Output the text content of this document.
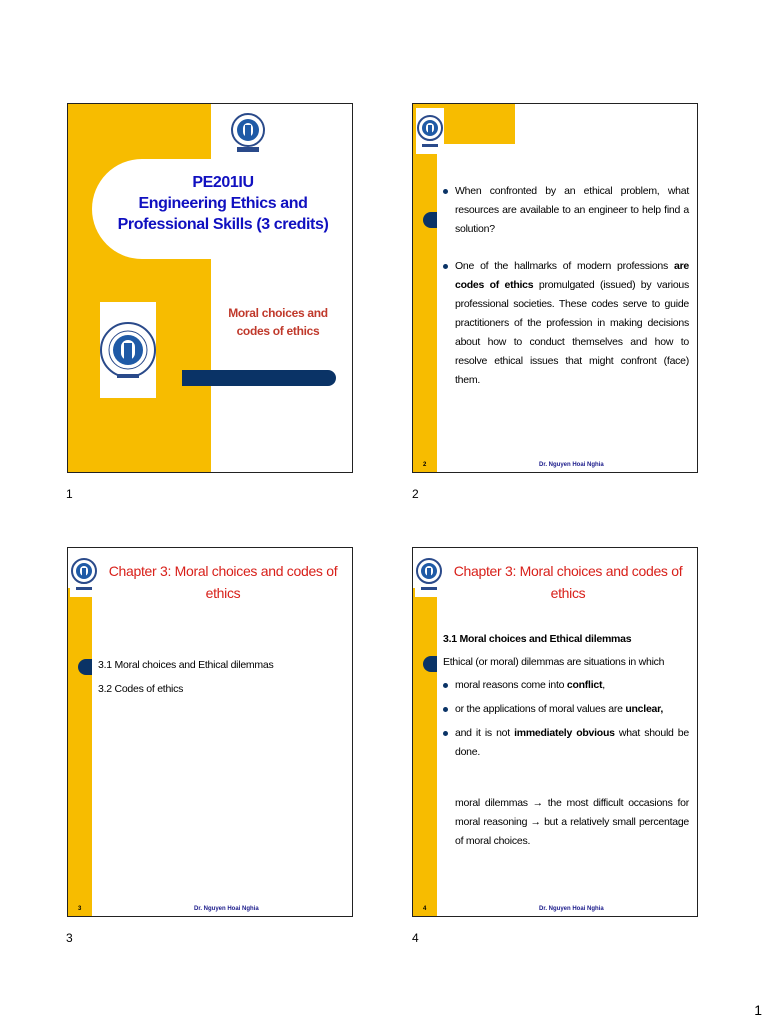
PE201IU
Engineering Ethics and Professional Skills (3 credits)
Moral choices and codes of ethics
1
When confronted by an ethical problem, what resources are available to an engineer to help find a solution?
One of the hallmarks of modern professions are codes of ethics promulgated (issued) by various professional societies. These codes serve to guide practitioners of the profession in making decisions about how to conduct themselves and how to resolve ethical issues that might confront (face) them.
2	Dr. Nguyen Hoai Nghia
2
Chapter 3: Moral choices and codes of ethics
3.1 Moral choices and Ethical dilemmas
3.2 Codes of ethics
3	Dr. Nguyen Hoai Nghia
3
Chapter 3: Moral choices and codes of ethics
3.1 Moral choices and Ethical dilemmas
Ethical (or moral) dilemmas are situations in which
moral reasons come into conflict,
or the applications of moral values are unclear,
and it is not immediately obvious what should be done.
moral dilemmas → the most difficult occasions for moral reasoning → but a relatively small percentage of moral choices.
4	Dr. Nguyen Hoai Nghia
4
1
